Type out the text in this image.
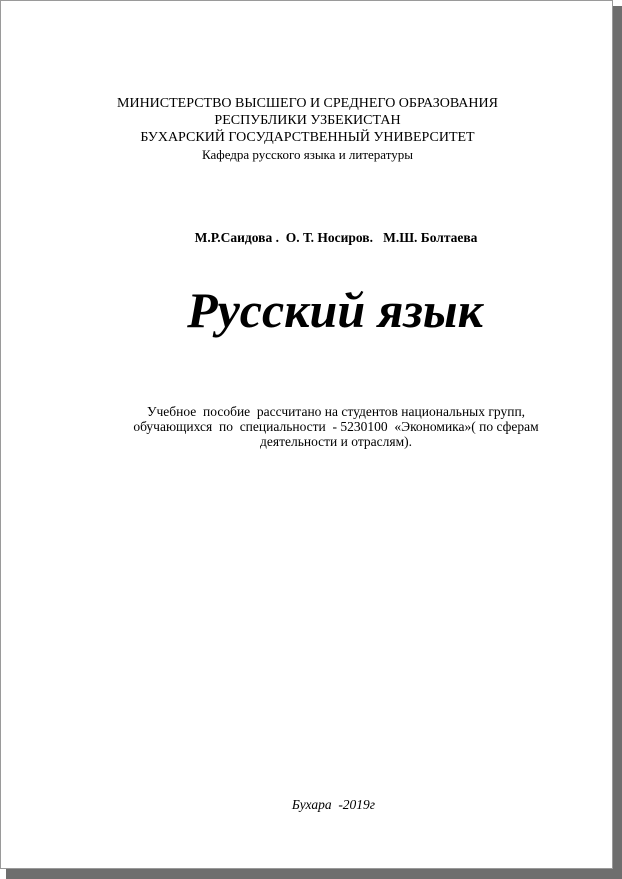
МИНИСТЕРСТВО ВЫСШЕГО И СРЕДНЕГО ОБРАЗОВАНИЯ
РЕСПУБЛИКИ УЗБЕКИСТАН
БУХАРСКИЙ ГОСУДАРСТВЕННЫЙ УНИВЕРСИТЕТ
Кафедра русского языка и литературы
М.Р.Саидова .  О. Т. Носиров.   М.Ш. Болтаева
Русский язык
Учебное  пособие  рассчитано на студентов национальных групп,
обучающихся  по  специальности  - 5230100  «Экономика»( по сферам
деятельности и отраслям).
Бухара  -2019г
